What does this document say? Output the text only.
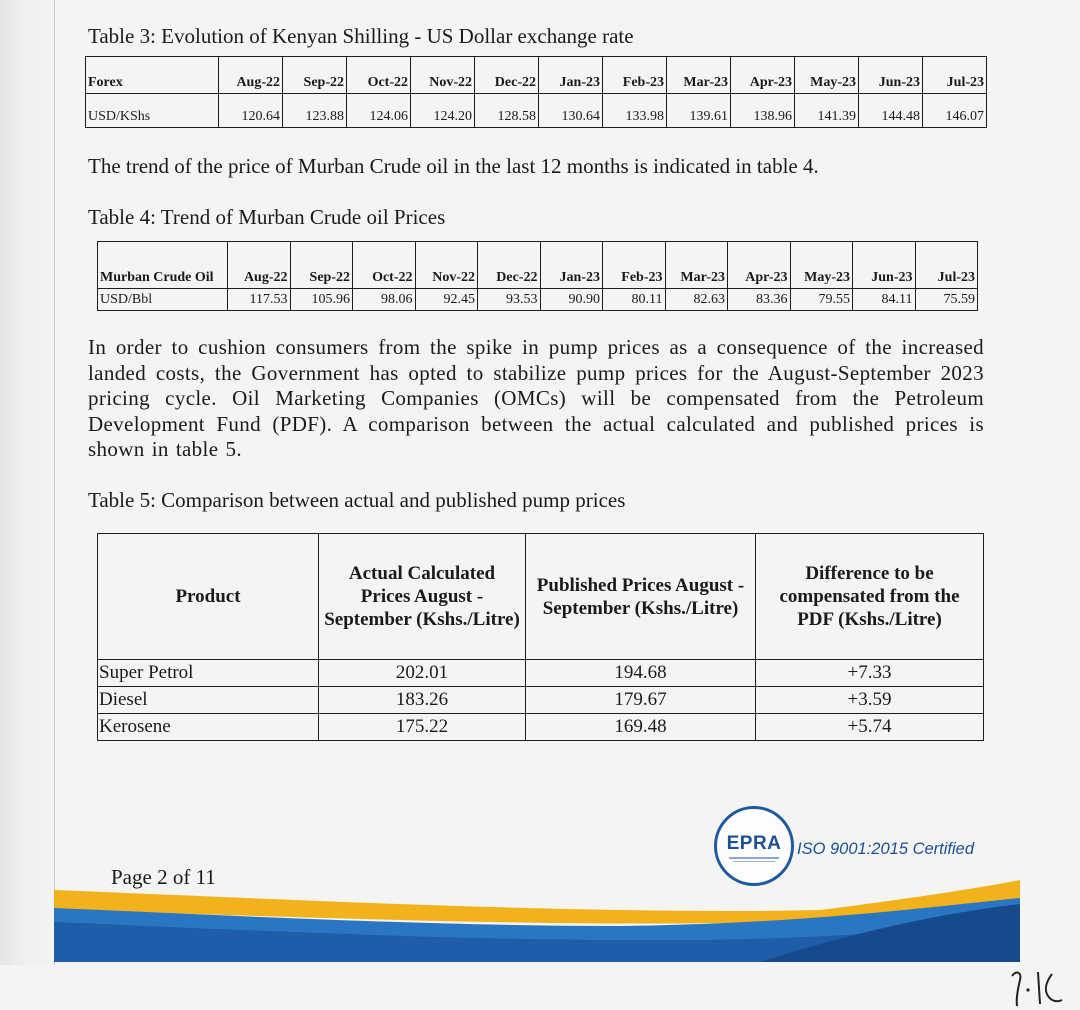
Table 3: Evolution of Kenyan Shilling - US Dollar exchange rate

Forex	Aug-22	Sep-22	Oct-22	Nov-22	Dec-22	Jan-23	Feb-23	Mar-23	Apr-23	May-23	Jun-23	Jul-23
USD/KShs	120.64	123.88	124.06	124.20	128.58	130.64	133.98	139.61	138.96	141.39	144.48	146.07

The trend of the price of Murban Crude oil in the last 12 months is indicated in table 4.

Table 4: Trend of Murban Crude oil Prices

Murban Crude Oil	Aug-22	Sep-22	Oct-22	Nov-22	Dec-22	Jan-23	Feb-23	Mar-23	Apr-23	May-23	Jun-23	Jul-23
USD/Bbl	117.53	105.96	98.06	92.45	93.53	90.90	80.11	82.63	83.36	79.55	84.11	75.59

In order to cushion consumers from the spike in pump prices as a consequence of the increased landed costs, the Government has opted to stabilize pump prices for the August-September 2023 pricing cycle. Oil Marketing Companies (OMCs) will be compensated from the Petroleum Development Fund (PDF). A comparison between the actual calculated and published prices is shown in table 5.

Table 5: Comparison between actual and published pump prices

Product	Actual Calculated Prices August -September (Kshs./Litre)	Published Prices August -September (Kshs./Litre)	Difference to be compensated from the PDF (Kshs./Litre)
Super Petrol	202.01	194.68	+7.33
Diesel	183.26	179.67	+3.59
Kerosene	175.22	169.48	+5.74
Page 2 of 11
EPRA ISO 9001:2015 Certified
